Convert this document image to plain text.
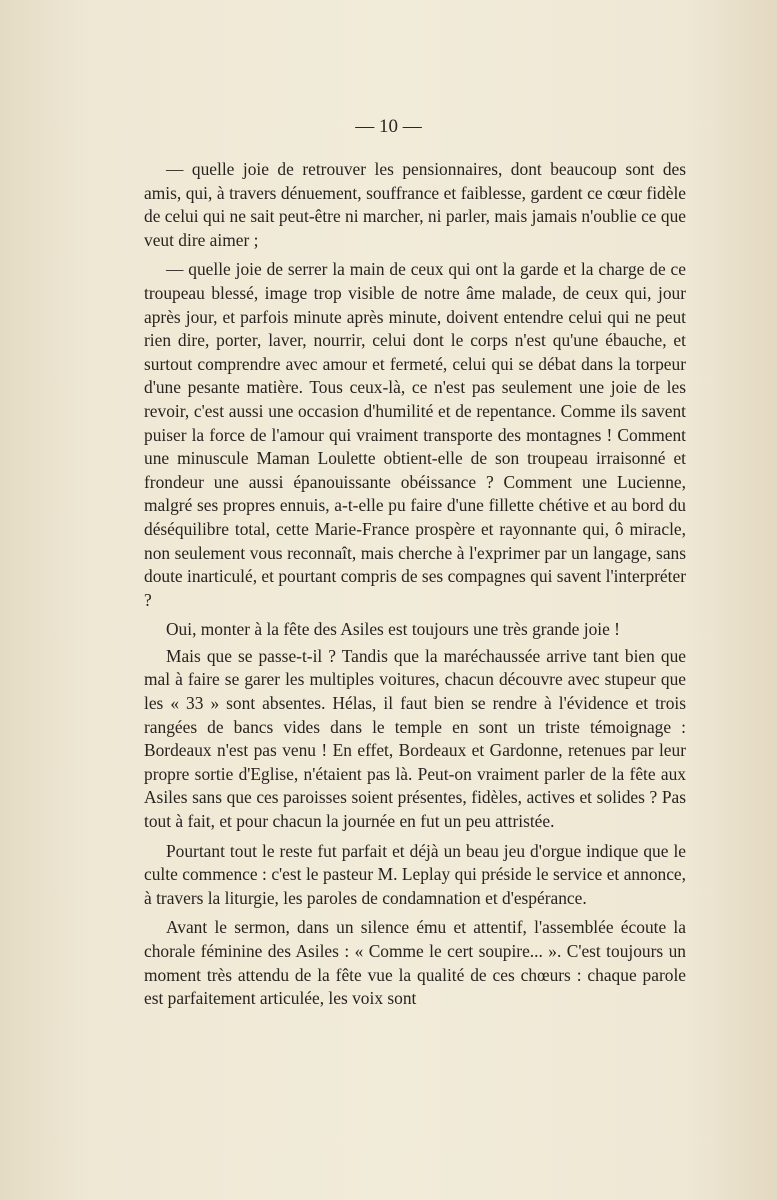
— 10 —

— quelle joie de retrouver les pensionnaires, dont beaucoup sont des amis, qui, à travers dénuement, souffrance et faiblesse, gardent ce cœur fidèle de celui qui ne sait peut-être ni marcher, ni parler, mais jamais n'oublie ce que veut dire aimer ;

— quelle joie de serrer la main de ceux qui ont la garde et la charge de ce troupeau blessé, image trop visible de notre âme malade, de ceux qui, jour après jour, et parfois minute après minute, doivent entendre celui qui ne peut rien dire, porter, laver, nourrir, celui dont le corps n'est qu'une ébauche, et surtout comprendre avec amour et fermeté, celui qui se débat dans la torpeur d'une pesante matière. Tous ceux-là, ce n'est pas seulement une joie de les revoir, c'est aussi une occasion d'humilité et de repentance. Comme ils savent puiser la force de l'amour qui vraiment transporte des montagnes ! Comment une minuscule Maman Loulette obtient-elle de son troupeau irraisonné et frondeur une aussi épanouissante obéissance ? Comment une Lucienne, malgré ses propres ennuis, a-t-elle pu faire d'une fillette chétive et au bord du déséquilibre total, cette Marie-France prospère et rayonnante qui, ô miracle, non seulement vous reconnaît, mais cherche à l'exprimer par un langage, sans doute inarticulé, et pourtant compris de ses compagnes qui savent l'interpréter ?

Oui, monter à la fête des Asiles est toujours une très grande joie !

Mais que se passe-t-il ? Tandis que la maréchaussée arrive tant bien que mal à faire se garer les multiples voitures, chacun découvre avec stupeur que les « 33 » sont absentes. Hélas, il faut bien se rendre à l'évidence et trois rangées de bancs vides dans le temple en sont un triste témoignage : Bordeaux n'est pas venu ! En effet, Bordeaux et Gardonne, retenues par leur propre sortie d'Eglise, n'étaient pas là. Peut-on vraiment parler de la fête aux Asiles sans que ces paroisses soient présentes, fidèles, actives et solides ? Pas tout à fait, et pour chacun la journée en fut un peu attristée.

Pourtant tout le reste fut parfait et déjà un beau jeu d'orgue indique que le culte commence : c'est le pasteur M. Leplay qui préside le service et annonce, à travers la liturgie, les paroles de condamnation et d'espérance.

Avant le sermon, dans un silence ému et attentif, l'assemblée écoute la chorale féminine des Asiles : « Comme le cert soupire... ». C'est toujours un moment très attendu de la fête vue la qualité de ces chœurs : chaque parole est parfaitement articulée, les voix sont
